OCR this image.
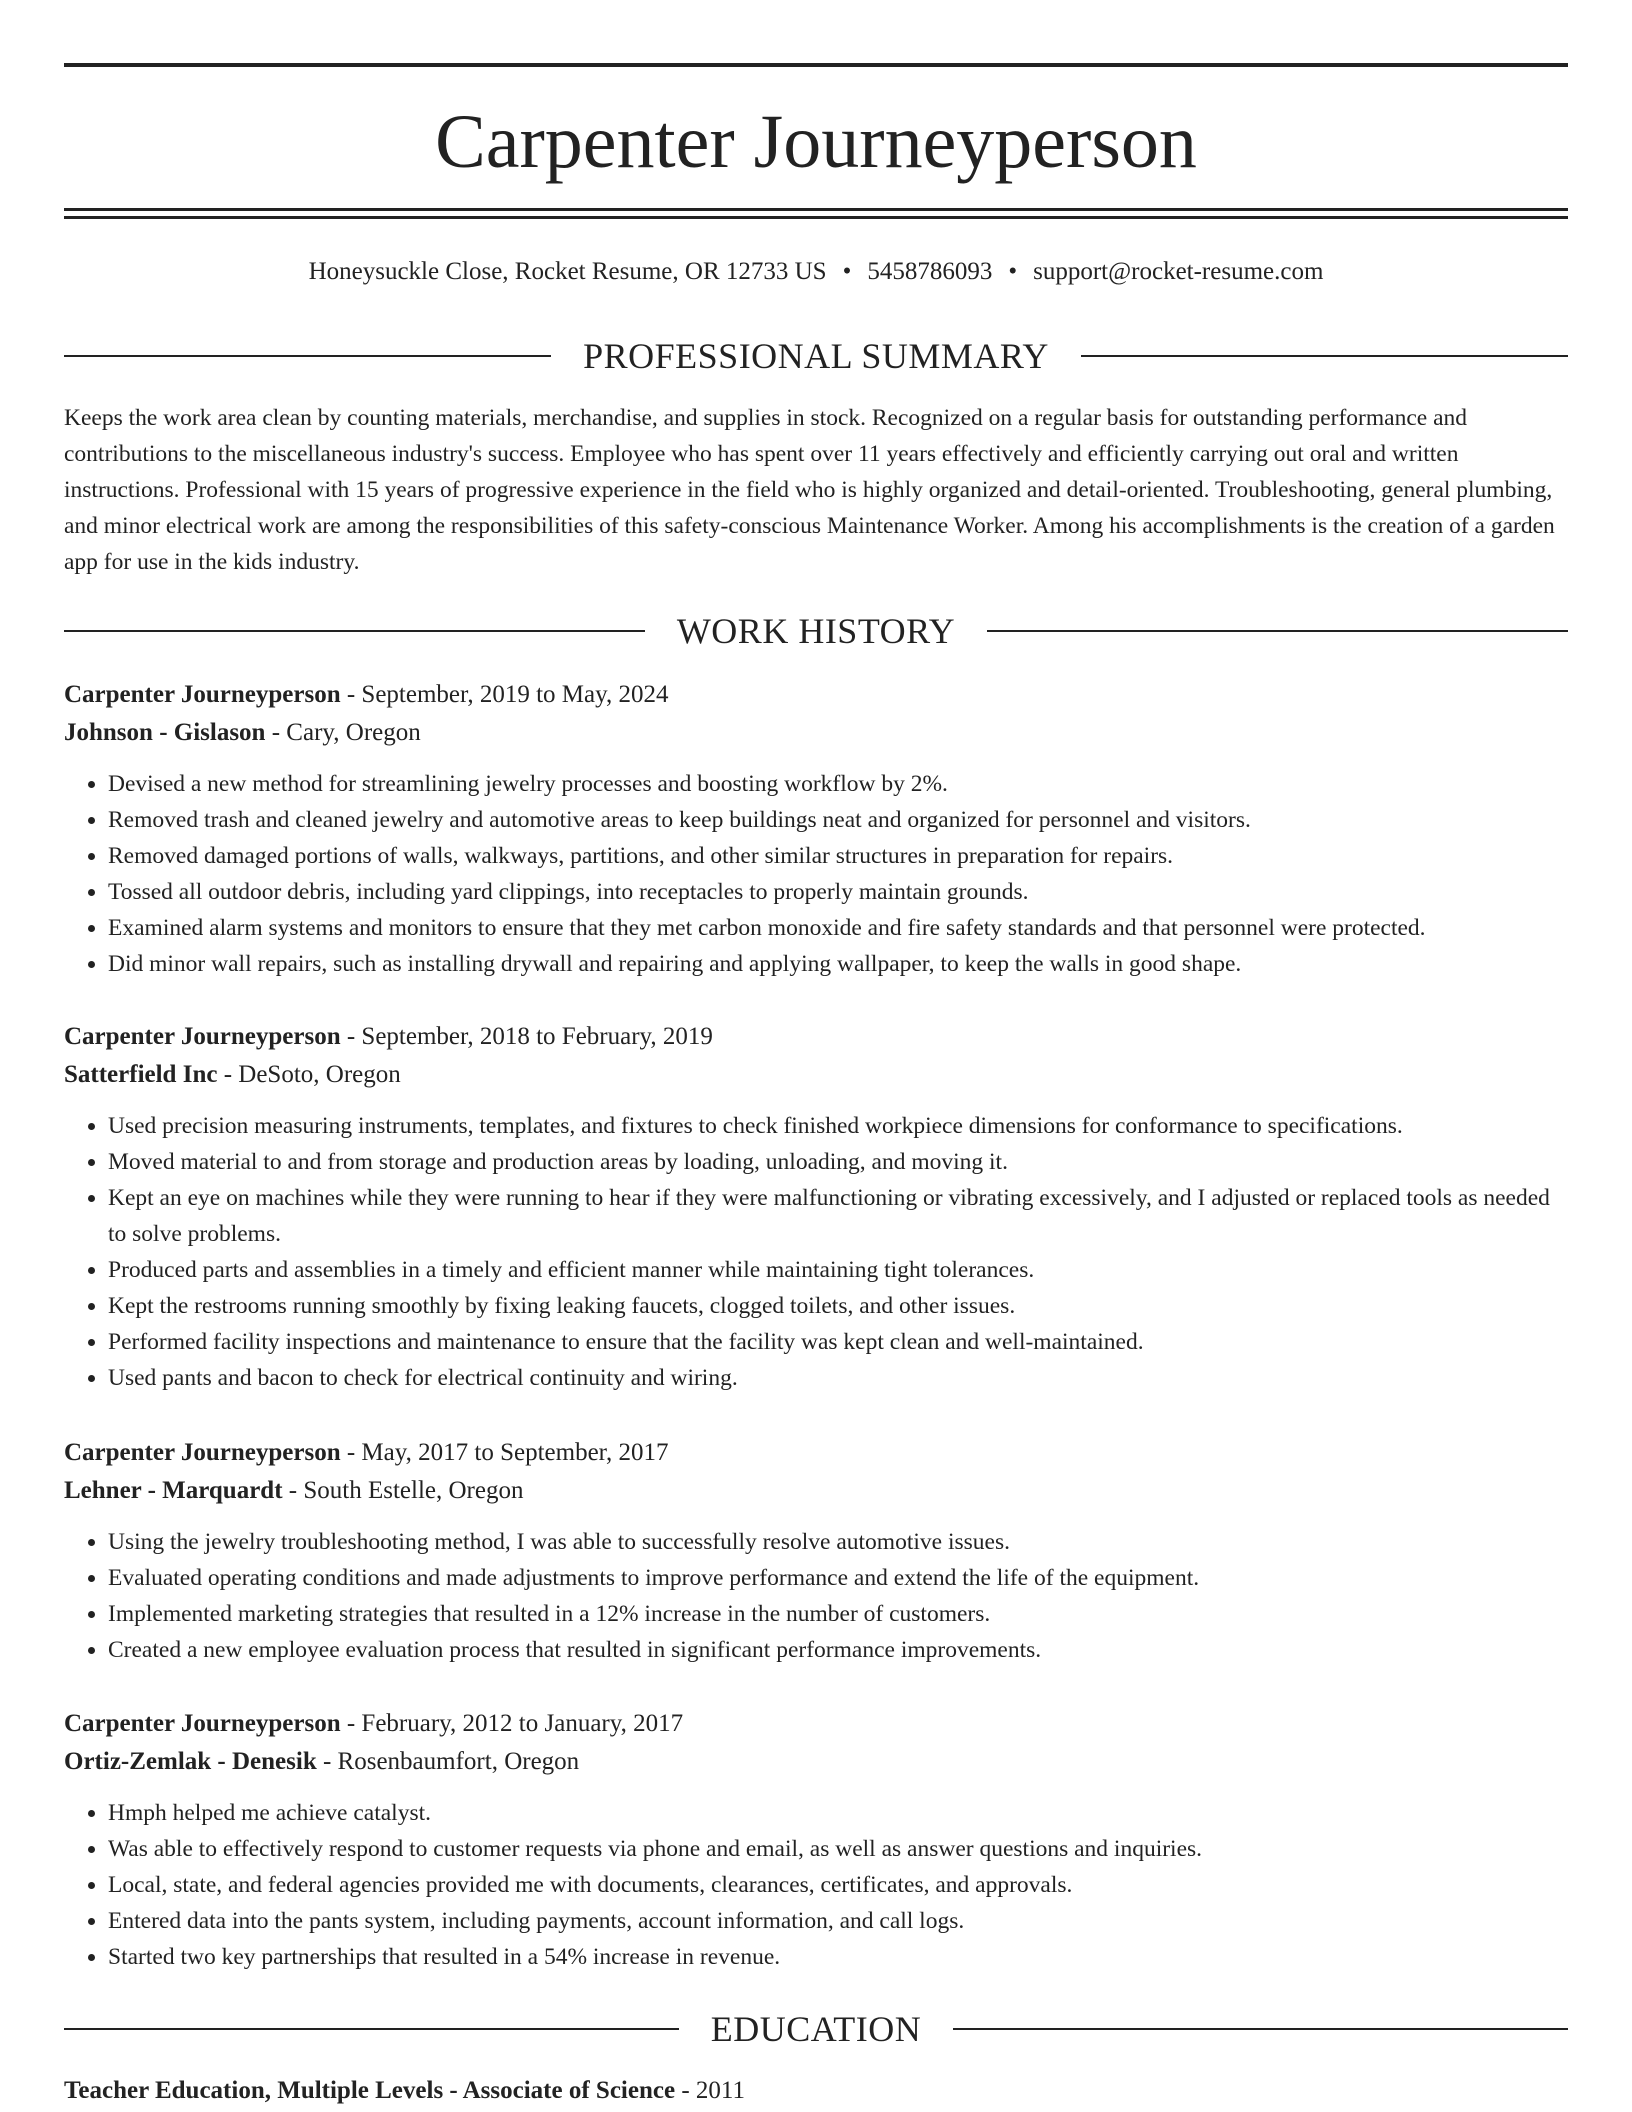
Carpenter Journeyperson
Honeysuckle Close, Rocket Resume, OR 12733 US • 5458786093 • support@rocket-resume.com
PROFESSIONAL SUMMARY

Keeps the work area clean by counting materials, merchandise, and supplies in stock. Recognized on a regular basis for outstanding performance and contributions to the miscellaneous industry's success. Employee who has spent over 11 years effectively and efficiently carrying out oral and written instructions. Professional with 15 years of progressive experience in the field who is highly organized and detail-oriented. Troubleshooting, general plumbing, and minor electrical work are among the responsibilities of this safety-conscious Maintenance Worker. Among his accomplishments is the creation of a garden app for use in the kids industry.

WORK HISTORY
Carpenter Journeyperson - September, 2019 to May, 2024
Johnson - Gislason - Cary, Oregon
• Devised a new method for streamlining jewelry processes and boosting workflow by 2%.
• Removed trash and cleaned jewelry and automotive areas to keep buildings neat and organized for personnel and visitors.
• Removed damaged portions of walls, walkways, partitions, and other similar structures in preparation for repairs.
• Tossed all outdoor debris, including yard clippings, into receptacles to properly maintain grounds.
• Examined alarm systems and monitors to ensure that they met carbon monoxide and fire safety standards and that personnel were protected.
• Did minor wall repairs, such as installing drywall and repairing and applying wallpaper, to keep the walls in good shape.
Carpenter Journeyperson - September, 2018 to February, 2019
Satterfield Inc - DeSoto, Oregon
• Used precision measuring instruments, templates, and fixtures to check finished workpiece dimensions for conformance to specifications.
• Moved material to and from storage and production areas by loading, unloading, and moving it.
• Kept an eye on machines while they were running to hear if they were malfunctioning or vibrating excessively, and I adjusted or replaced tools as needed to solve problems.
• Produced parts and assemblies in a timely and efficient manner while maintaining tight tolerances.
• Kept the restrooms running smoothly by fixing leaking faucets, clogged toilets, and other issues.
• Performed facility inspections and maintenance to ensure that the facility was kept clean and well-maintained.
• Used pants and bacon to check for electrical continuity and wiring.
Carpenter Journeyperson - May, 2017 to September, 2017
Lehner - Marquardt - South Estelle, Oregon
• Using the jewelry troubleshooting method, I was able to successfully resolve automotive issues.
• Evaluated operating conditions and made adjustments to improve performance and extend the life of the equipment.
• Implemented marketing strategies that resulted in a 12% increase in the number of customers.
• Created a new employee evaluation process that resulted in significant performance improvements.
Carpenter Journeyperson - February, 2012 to January, 2017
Ortiz-Zemlak - Denesik - Rosenbaumfort, Oregon
• Hmph helped me achieve catalyst.
• Was able to effectively respond to customer requests via phone and email, as well as answer questions and inquiries.
• Local, state, and federal agencies provided me with documents, clearances, certificates, and approvals.
• Entered data into the pants system, including payments, account information, and call logs.
• Started two key partnerships that resulted in a 54% increase in revenue.
EDUCATION
Teacher Education, Multiple Levels - Associate of Science - 2011
